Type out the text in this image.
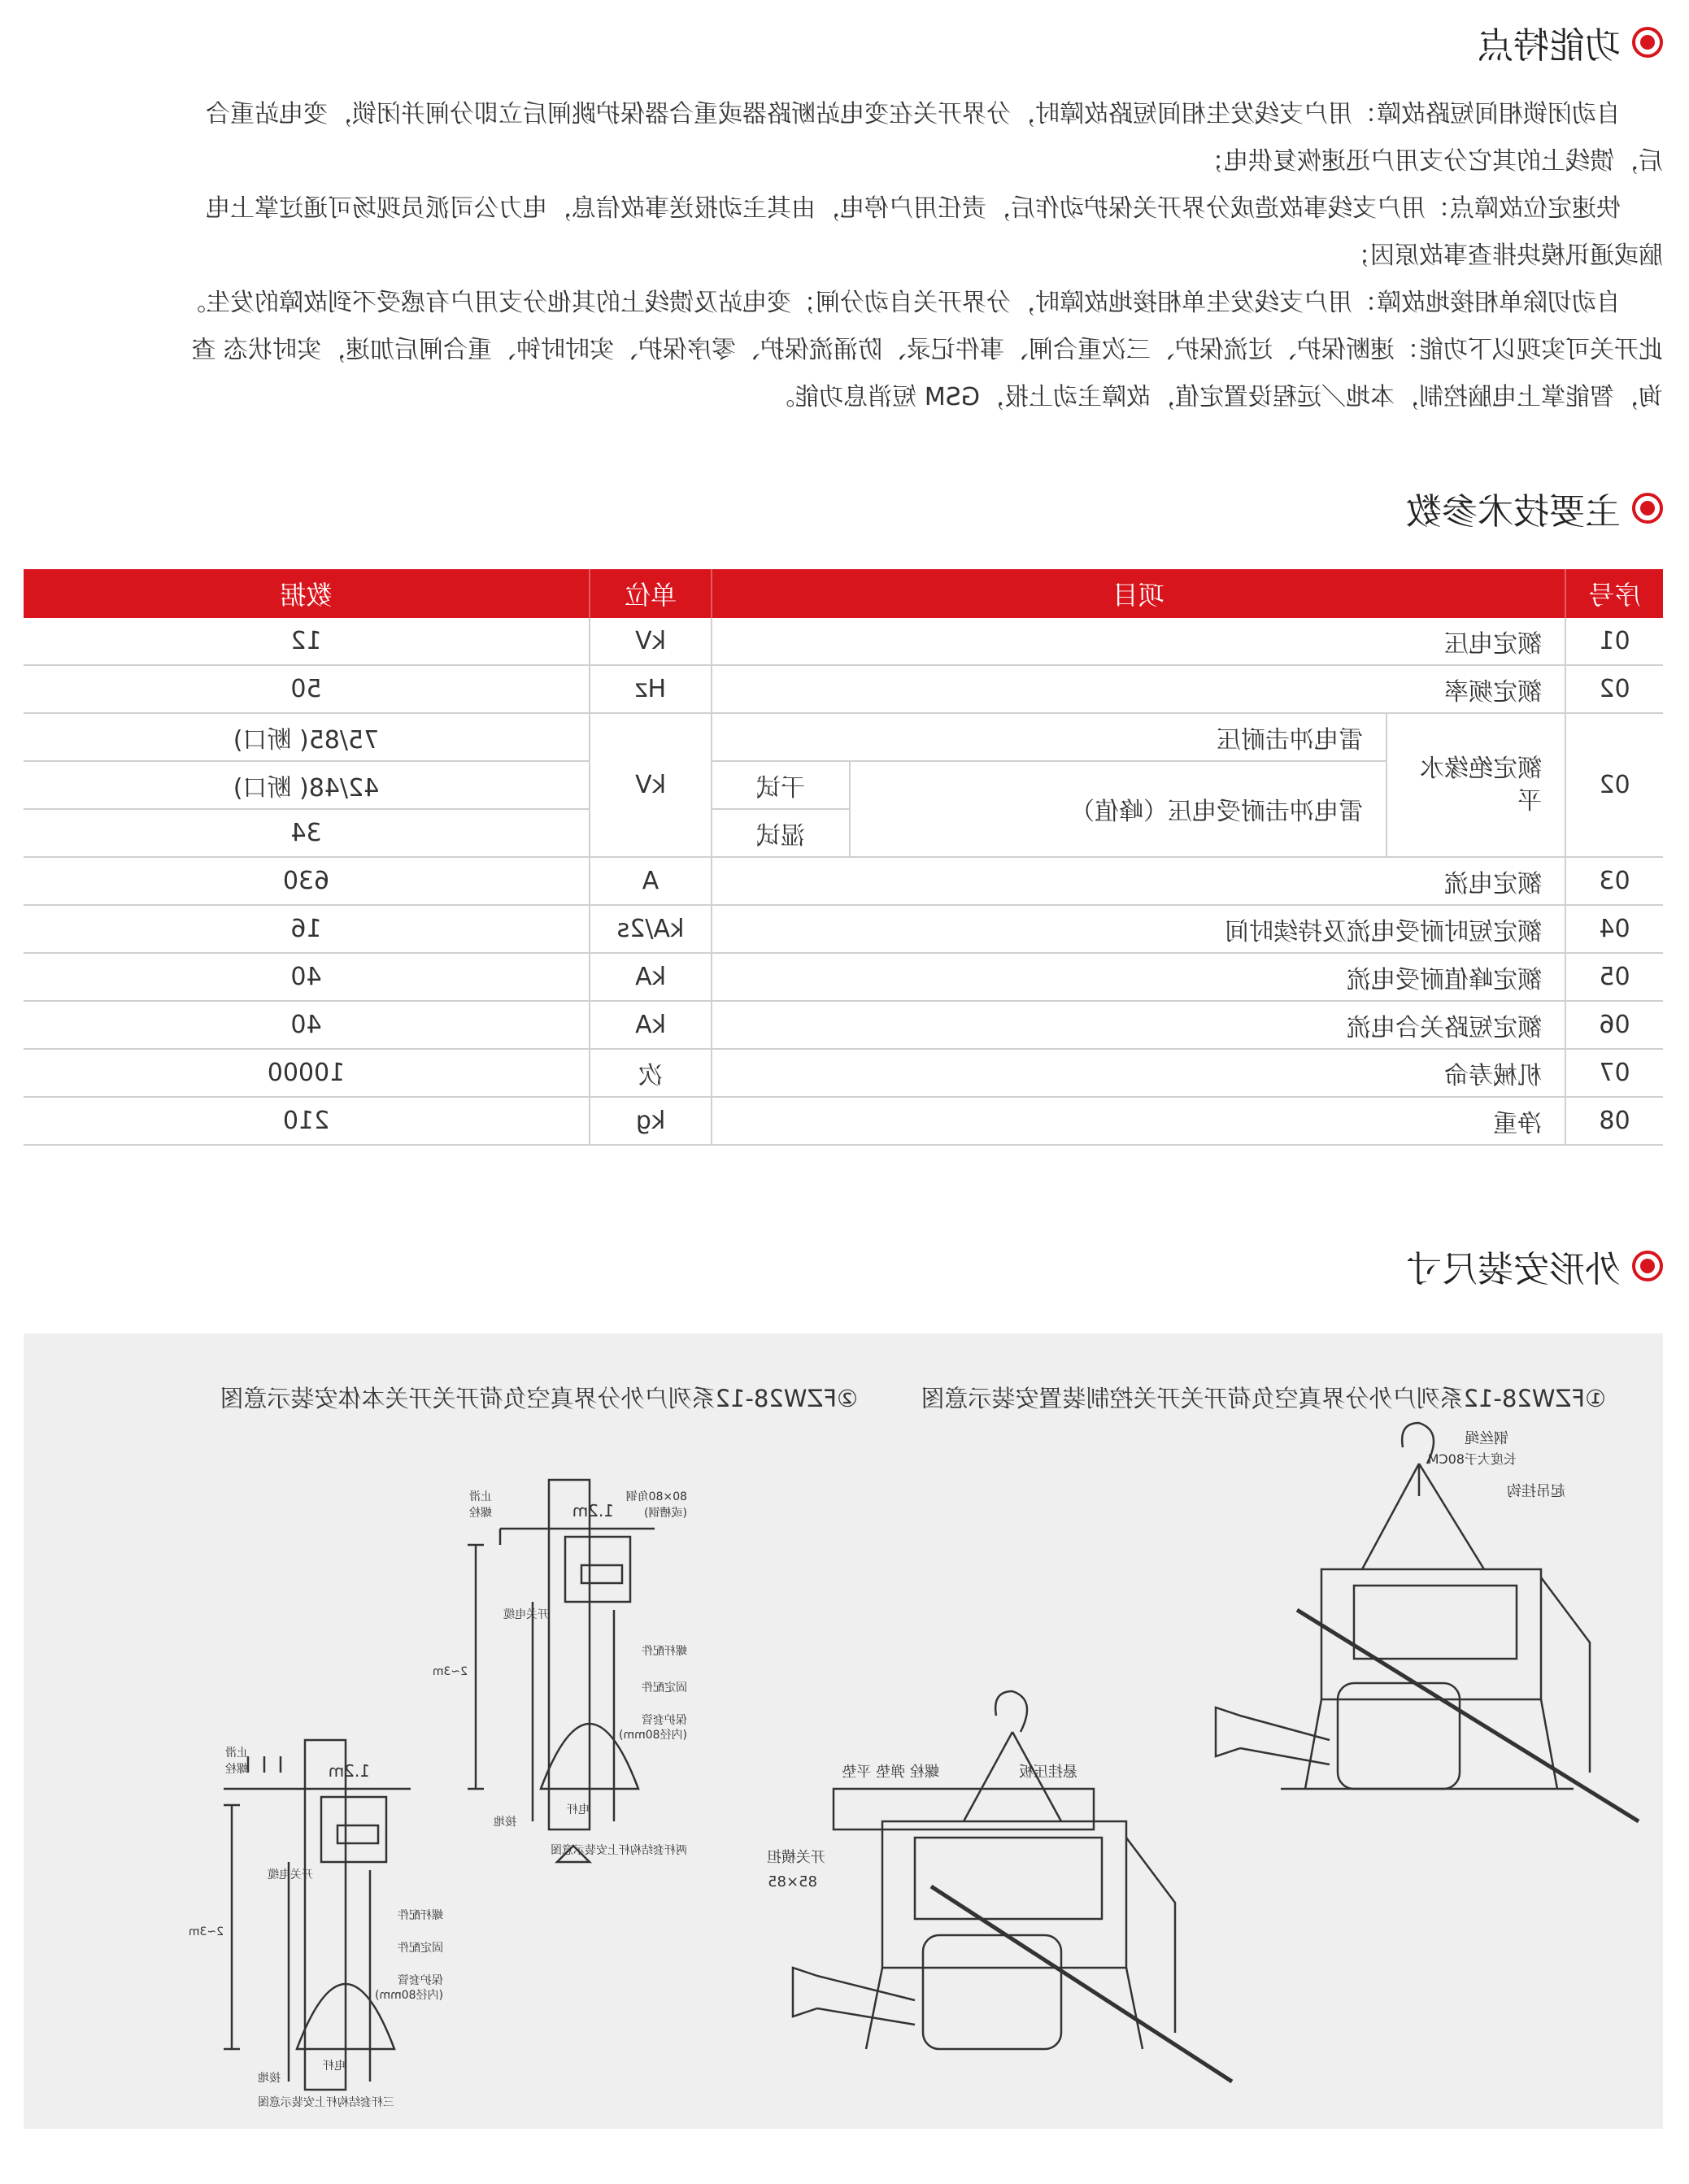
功能特点

自动闭锁相间短路故障：用户支线发生相间短路故障时，分界开关在变电站断路器或重合器保护跳闸后立即分闸并闭锁，变电站重合

后，馈线上的其它分支用户迅速恢复供电；

快速定位故障点：用户支线事故造成分界开关保护动作后，责任用户停电，由其主动报送事故信息，电力公司派员现场可通过掌上电

脑或通讯模块排查事故原因；

自动切除单相接地故障：用户支线发生单相接地故障时，分界开关自动分闸；变电站及馈线上的其他分支用户有感受不到故障的发生。

此开关可实现以下功能：速断保护、过流保护、三次重合闸、事件记录、防涌流保护、零序保护、实时时钟、重合闸后加速，实时状态 查

询，智能掌上电脑控制，本地／远程设置定值，故障主动上报，GSM 短消息功能。

主要技术参数
序号	项目			单位	数据
01	额定电压			kV	12
02	额定频率			Hz	50
02	额定绝缘水平	雷电冲击耐压		kV	75/85( 断口)
		雷电冲击耐受电压（峰值）	干试		42/48( 断口)
			湿试		34
03	额定电流			A	630
04	额定短时耐受电流及持续时间			kA/2s	16
05	额定峰值耐受电流			kA	40
06	额定短路关合电流			kA	40
07	机械寿命			次	10000
08	净重			kg	210
外形安装尺寸
①FZW28-12系列户外分界真空负荷开关开关控制装置安装示意图
②FZW28-12系列户外分界真空负荷开关开关本体安装示意图
钢丝绳
长度大于80CM
起吊挂钩
螺栓 弹垫 平垫	悬挂压板
开关横担
85×85
1.2m
80×80角钢
(或槽钢)
止滑
螺栓
开关电缆
螺杆配件
固定配件
保护套管
(内径80mm)
电杆
接地
2~3m
两杆套结构杆上安装示意图
1.2m
止滑
螺栓
开关电缆
螺杆配件
固定配件
保护套管
(内径80mm)
电杆
接地
2~3m
三杆套结构杆上安装示意图
